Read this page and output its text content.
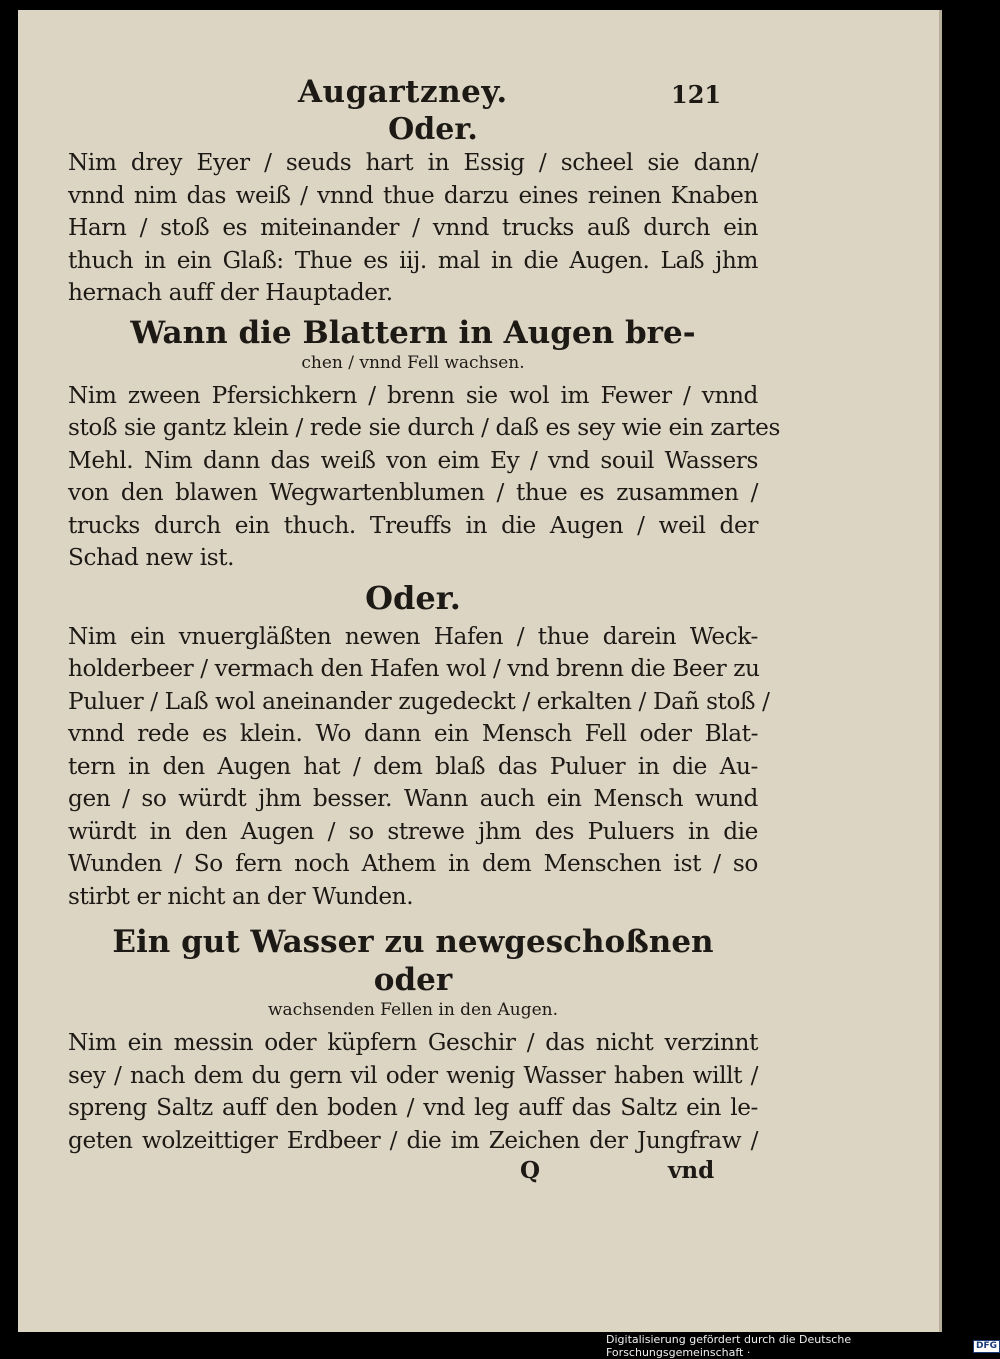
Augartzney.	121
Oder.
Nim drey Eyer / seuds hart in Essig / scheel sie dann/
vnnd nim das weiß / vnnd thue darzu eines reinen Knaben
Harn / stoß es miteinander / vnnd trucks auß durch ein
thuch in ein Glaß: Thue es iij. mal in die Augen. Laß jhm
hernach auff der Hauptader.
Wann die Blattern in Augen bre-
chen / vnnd Fell wachsen.
Nim zween Pfersichkern / brenn sie wol im Fewer / vnnd
stoß sie gantz klein / rede sie durch / daß es sey wie ein zartes
Mehl. Nim dann das weiß von eim Ey / vnd souil Wassers
von den blawen Wegwartenblumen / thue es zusammen /
trucks durch ein thuch. Treuffs in die Augen / weil der
Schad new ist.
Oder.
Nim ein vnuergläßten newen Hafen / thue darein Weck-
holderbeer / vermach den Hafen wol / vnd brenn die Beer zu
Puluer / Laß wol aneinander zugedeckt / erkalten / Dañ stoß /
vnnd rede es klein. Wo dann ein Mensch Fell oder Blat-
tern in den Augen hat / dem blaß das Puluer in die Au-
gen / so würdt jhm besser. Wann auch ein Mensch wund
würdt in den Augen / so strewe jhm des Puluers in die
Wunden / So fern noch Athem in dem Menschen ist / so
stirbt er nicht an der Wunden.
Ein gut Wasser zu newgeschoßnen oder
wachsenden Fellen in den Augen.
Nim ein messin oder küpfern Geschir / das nicht verzinnt
sey / nach dem du gern vil oder wenig Wasser haben willt /
spreng Saltz auff den boden / vnd leg auff das Saltz ein le-
geten wolzeittiger Erdbeer / die im Zeichen der Jungfraw /
Q	vnd
Digitalisierung gefördert durch die Deutsche Forschungsgemeinschaft ·
DFG
